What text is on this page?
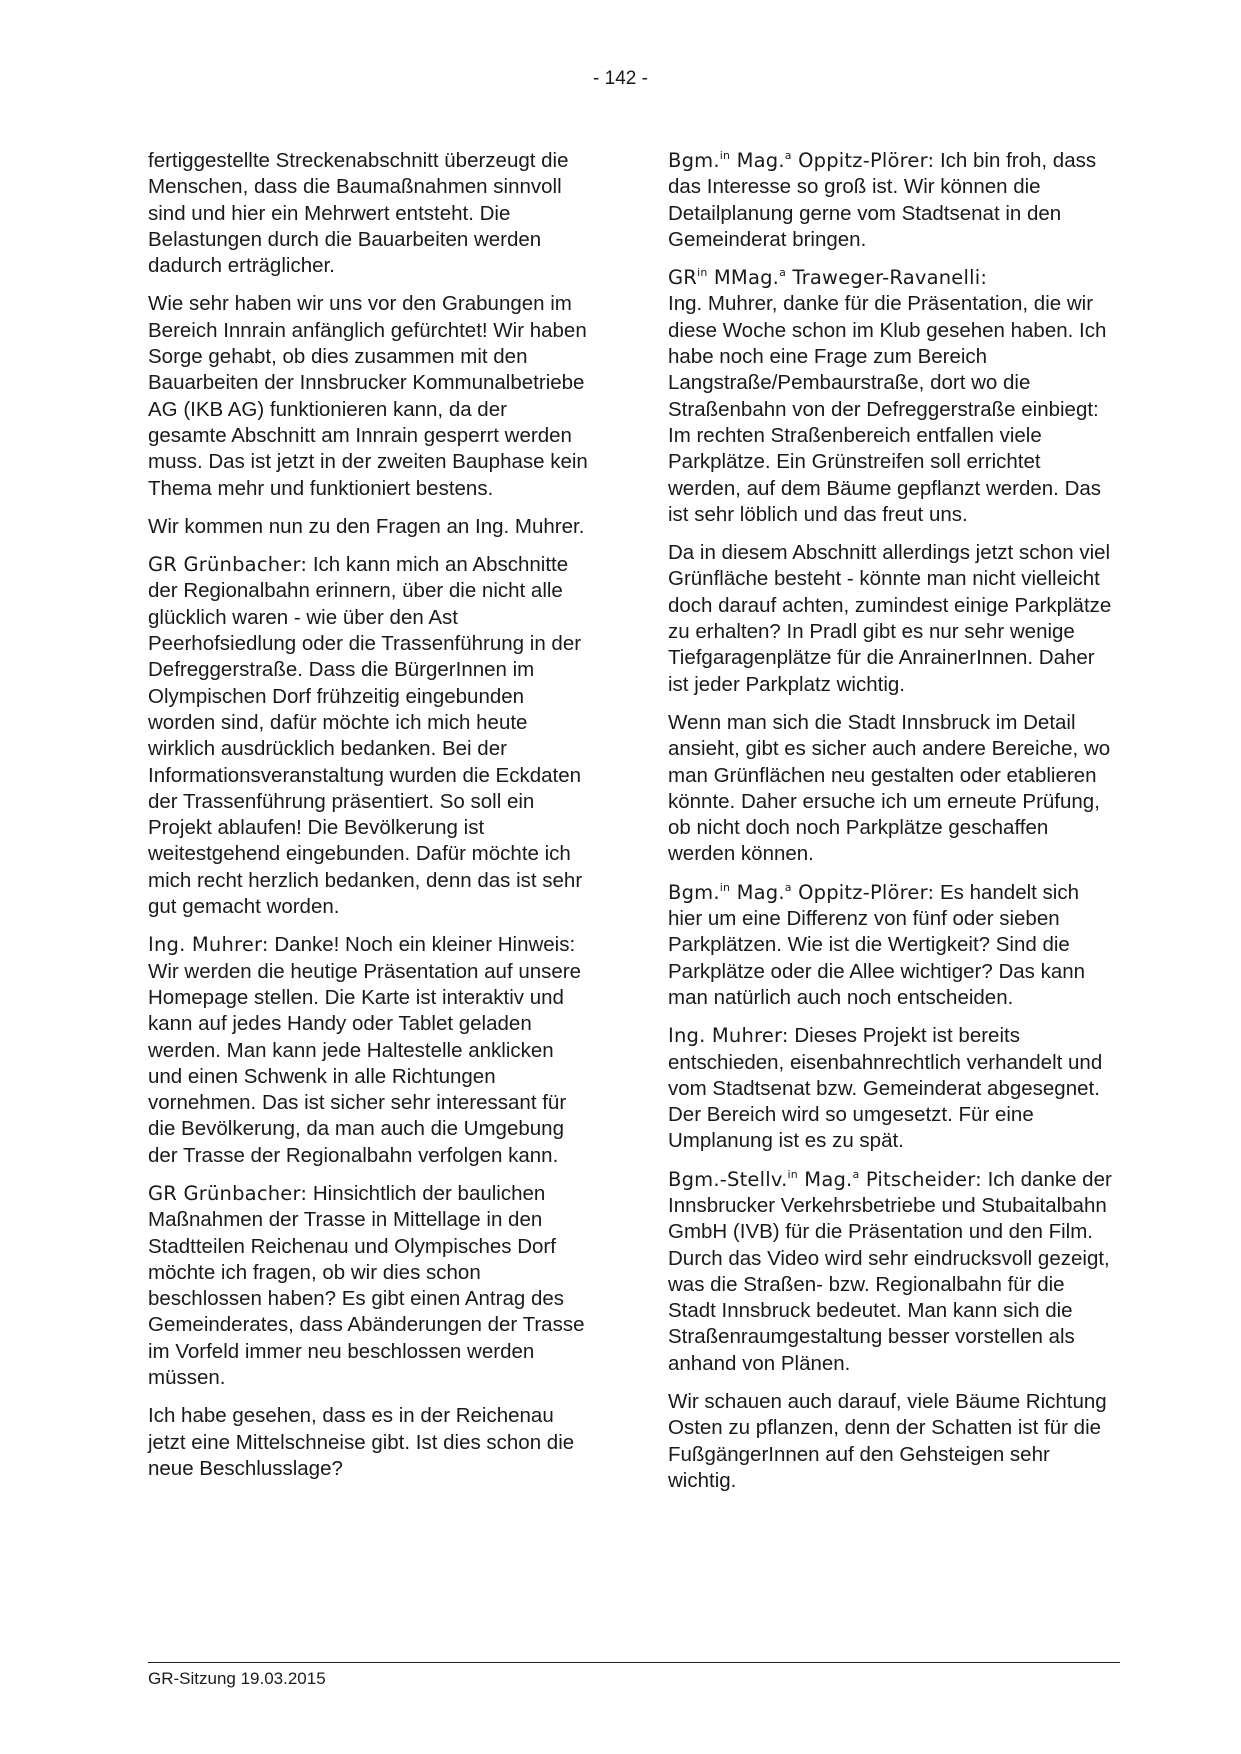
- 142 -

fertiggestellte Streckenabschnitt überzeugt die Menschen, dass die Baumaßnahmen sinnvoll sind und hier ein Mehrwert entsteht. Die Belastungen durch die Bauarbeiten werden dadurch erträglicher.

Wie sehr haben wir uns vor den Grabungen im Bereich Innrain anfänglich gefürchtet! Wir haben Sorge gehabt, ob dies zusammen mit den Bauarbeiten der Innsbrucker Kommunalbetriebe AG (IKB AG) funktionieren kann, da der gesamte Abschnitt am Innrain gesperrt werden muss. Das ist jetzt in der zweiten Bauphase kein Thema mehr und funktioniert bestens.

Wir kommen nun zu den Fragen an Ing. Muhrer.

GR Grünbacher: Ich kann mich an Abschnitte der Regionalbahn erinnern, über die nicht alle glücklich waren - wie über den Ast Peerhofsiedlung oder die Trassenführung in der Defreggerstraße. Dass die BürgerInnen im Olympischen Dorf frühzeitig eingebunden worden sind, dafür möchte ich mich heute wirklich ausdrücklich bedanken. Bei der Informationsveranstaltung wurden die Eckdaten der Trassenführung präsentiert. So soll ein Projekt ablaufen! Die Bevölkerung ist weitestgehend eingebunden. Dafür möchte ich mich recht herzlich bedanken, denn das ist sehr gut gemacht worden.

Ing. Muhrer: Danke! Noch ein kleiner Hinweis: Wir werden die heutige Präsentation auf unsere Homepage stellen. Die Karte ist interaktiv und kann auf jedes Handy oder Tablet geladen werden. Man kann jede Haltestelle anklicken und einen Schwenk in alle Richtungen vornehmen. Das ist sicher sehr interessant für die Bevölkerung, da man auch die Umgebung der Trasse der Regionalbahn verfolgen kann.

GR Grünbacher: Hinsichtlich der baulichen Maßnahmen der Trasse in Mittellage in den Stadtteilen Reichenau und Olympisches Dorf möchte ich fragen, ob wir dies schon beschlossen haben? Es gibt einen Antrag des Gemeinderates, dass Abänderungen der Trasse im Vorfeld immer neu beschlossen werden müssen.

Ich habe gesehen, dass es in der Reichenau jetzt eine Mittelschneise gibt. Ist dies schon die neue Beschlusslage?

Bgm.$^{in}$ Mag.$^a$ Oppitz-Plörer: Ich bin froh, dass das Interesse so groß ist. Wir können die Detailplanung gerne vom Stadtsenat in den Gemeinderat bringen.

$GR^{in}$ MMag.$^a$ Traweger-Ravanelli:
Ing. Muhrer, danke für die Präsentation, die wir diese Woche schon im Klub gesehen haben. Ich habe noch eine Frage zum Bereich Langstraße/Pembaurstraße, dort wo die Straßenbahn von der Defreggerstraße einbiegt: Im rechten Straßenbereich entfallen viele Parkplätze. Ein Grünstreifen soll errichtet werden, auf dem Bäume gepflanzt werden. Das ist sehr löblich und das freut uns.

Da in diesem Abschnitt allerdings jetzt schon viel Grünfläche besteht - könnte man nicht vielleicht doch darauf achten, zumindest einige Parkplätze zu erhalten? In Pradl gibt es nur sehr wenige Tiefgaragenplätze für die AnrainerInnen. Daher ist jeder Parkplatz wichtig.

Wenn man sich die Stadt Innsbruck im Detail ansieht, gibt es sicher auch andere Bereiche, wo man Grünflächen neu gestalten oder etablieren könnte. Daher ersuche ich um erneute Prüfung, ob nicht doch noch Parkplätze geschaffen werden können.

Bgm.$^{in}$ Mag.$^a$ Oppitz-Plörer: Es handelt sich hier um eine Differenz von fünf oder sieben Parkplätzen. Wie ist die Wertigkeit? Sind die Parkplätze oder die Allee wichtiger? Das kann man natürlich auch noch entscheiden.

Ing. Muhrer: Dieses Projekt ist bereits entschieden, eisenbahnrechtlich verhandelt und vom Stadtsenat bzw. Gemeinderat abgesegnet. Der Bereich wird so umgesetzt. Für eine Umplanung ist es zu spät.

Bgm.-Stellv.$^{in}$ Mag.$^a$ Pitscheider: Ich danke der Innsbrucker Verkehrsbetriebe und Stubaitalbahn GmbH (IVB) für die Präsentation und den Film. Durch das Video wird sehr eindrucksvoll gezeigt, was die Straßen- bzw. Regionalbahn für die Stadt Innsbruck bedeutet. Man kann sich die Straßenraumgestaltung besser vorstellen als anhand von Plänen.

Wir schauen auch darauf, viele Bäume Richtung Osten zu pflanzen, denn der Schatten ist für die FußgängerInnen auf den Gehsteigen sehr wichtig.

GR-Sitzung 19.03.2015
